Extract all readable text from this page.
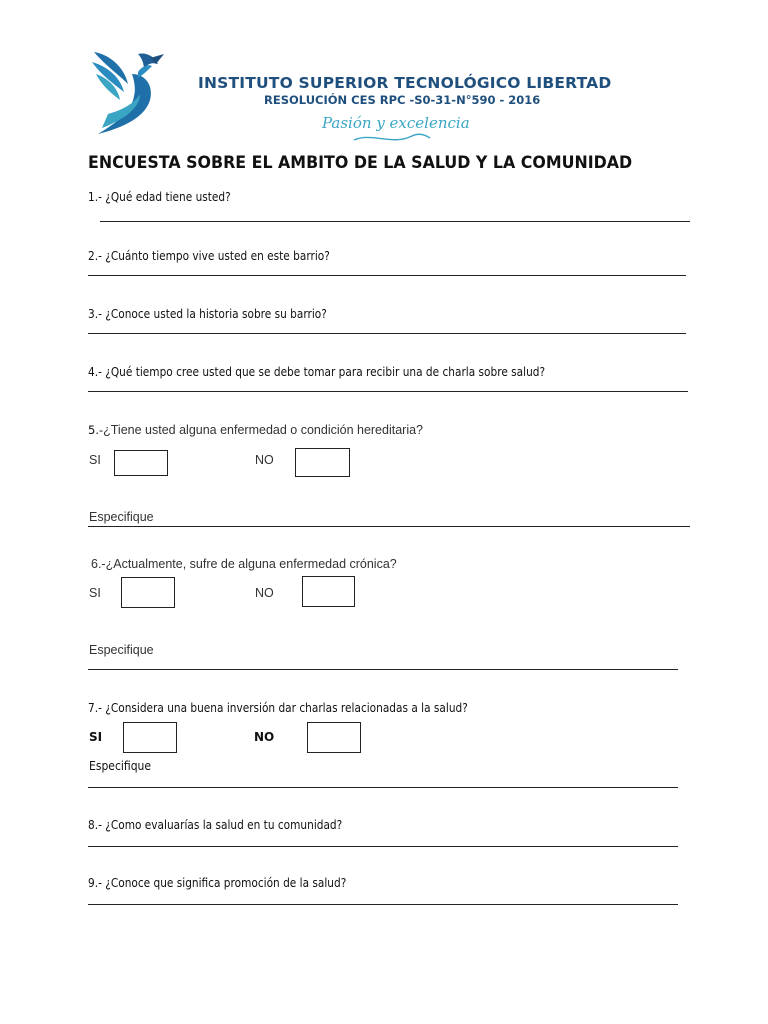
INSTITUTO SUPERIOR TECNOLÓGICO LIBERTAD
RESOLUCIÓN CES RPC -S0-31-N°590 - 2016
Pasión y excelencia
ENCUESTA SOBRE EL AMBITO DE LA SALUD Y LA COMUNIDAD
1.- ¿Qué edad tiene usted?
2.- ¿Cuánto tiempo vive usted en este barrio?
3.- ¿Conoce usted la historia sobre su barrio?
4.- ¿Qué tiempo cree usted que se debe tomar para recibir una de charla sobre salud?
5.-¿Tiene usted alguna enfermedad o condición hereditaria?
SI	NO
Especifique
6.-¿Actualmente, sufre de alguna enfermedad crónica?
SI	NO
Especifique
7.- ¿Considera una buena inversión dar charlas relacionadas a la salud?
SI	NO
Especifique
8.- ¿Como evaluarías la salud en tu comunidad?
9.- ¿Conoce que significa promoción de la salud?
